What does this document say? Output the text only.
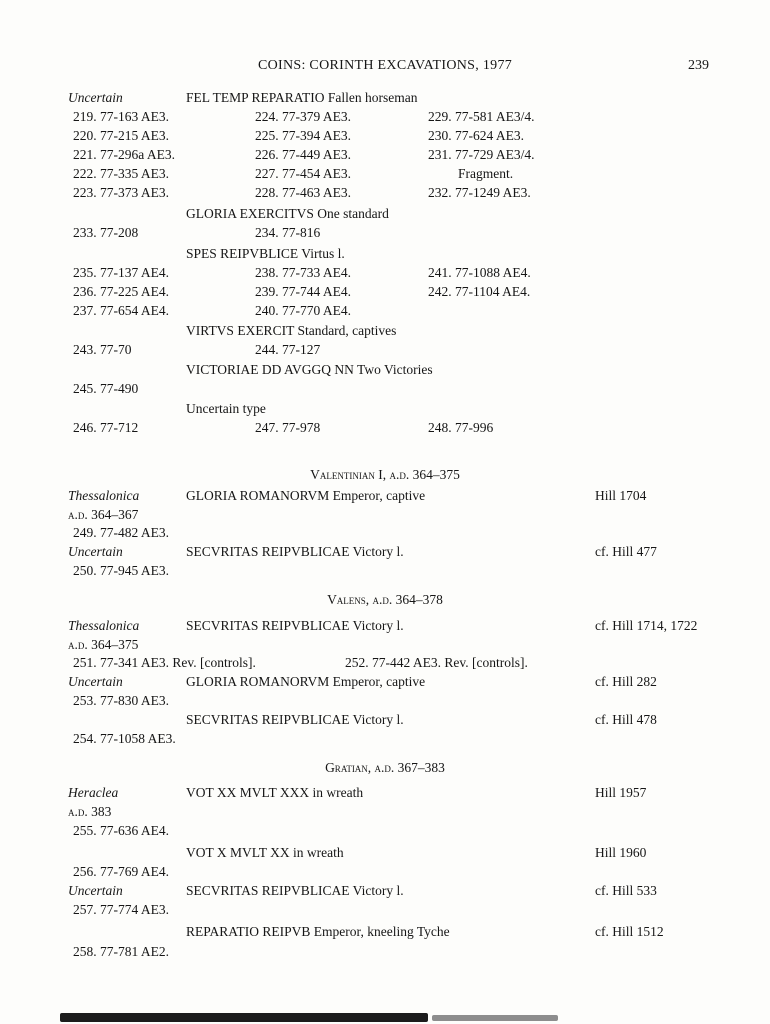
COINS: CORINTH EXCAVATIONS, 1977	239
Uncertain	FEL TEMP REPARATIO Fallen horseman
219. 77-163 AE3.	224. 77-379 AE3.	229. 77-581 AE3/4.
220. 77-215 AE3.	225. 77-394 AE3.	230. 77-624 AE3.
221. 77-296a AE3.	226. 77-449 AE3.	231. 77-729 AE3/4.
222. 77-335 AE3.	227. 77-454 AE3.	Fragment.
223. 77-373 AE3.	228. 77-463 AE3.	232. 77-1249 AE3.
GLORIA EXERCITVS One standard
233. 77-208	234. 77-816
SPES REIPVBLICE Virtus l.
235. 77-137 AE4.	238. 77-733 AE4.	241. 77-1088 AE4.
236. 77-225 AE4.	239. 77-744 AE4.	242. 77-1104 AE4.
237. 77-654 AE4.	240. 77-770 AE4.
VIRTVS EXERCIT Standard, captives
243. 77-70	244. 77-127
VICTORIAE DD AVGGQ NN Two Victories
245. 77-490
Uncertain type
246. 77-712	247. 77-978	248. 77-996
Valentinian I, a.d. 364–375
Thessalonica	GLORIA ROMANORVM Emperor, captive	Hill 1704
a.d. 364–367
249. 77-482 AE3.
Uncertain	SECVRITAS REIPVBLICAE Victory l.	cf. Hill 477
250. 77-945 AE3.
Valens, a.d. 364–378
Thessalonica	SECVRITAS REIPVBLICAE Victory l.	cf. Hill 1714, 1722
a.d. 364–375
251. 77-341 AE3. Rev. [controls].	252. 77-442 AE3. Rev. [controls].
Uncertain	GLORIA ROMANORVM Emperor, captive	cf. Hill 282
253. 77-830 AE3.
SECVRITAS REIPVBLICAE Victory l.	cf. Hill 478
254. 77-1058 AE3.
Gratian, a.d. 367–383
Heraclea	VOT XX MVLT XXX in wreath	Hill 1957
a.d. 383
255. 77-636 AE4.
VOT X MVLT XX in wreath	Hill 1960
256. 77-769 AE4.
Uncertain	SECVRITAS REIPVBLICAE Victory l.	cf. Hill 533
257. 77-774 AE3.
REPARATIO REIPVB Emperor, kneeling Tyche	cf. Hill 1512
258. 77-781 AE2.
